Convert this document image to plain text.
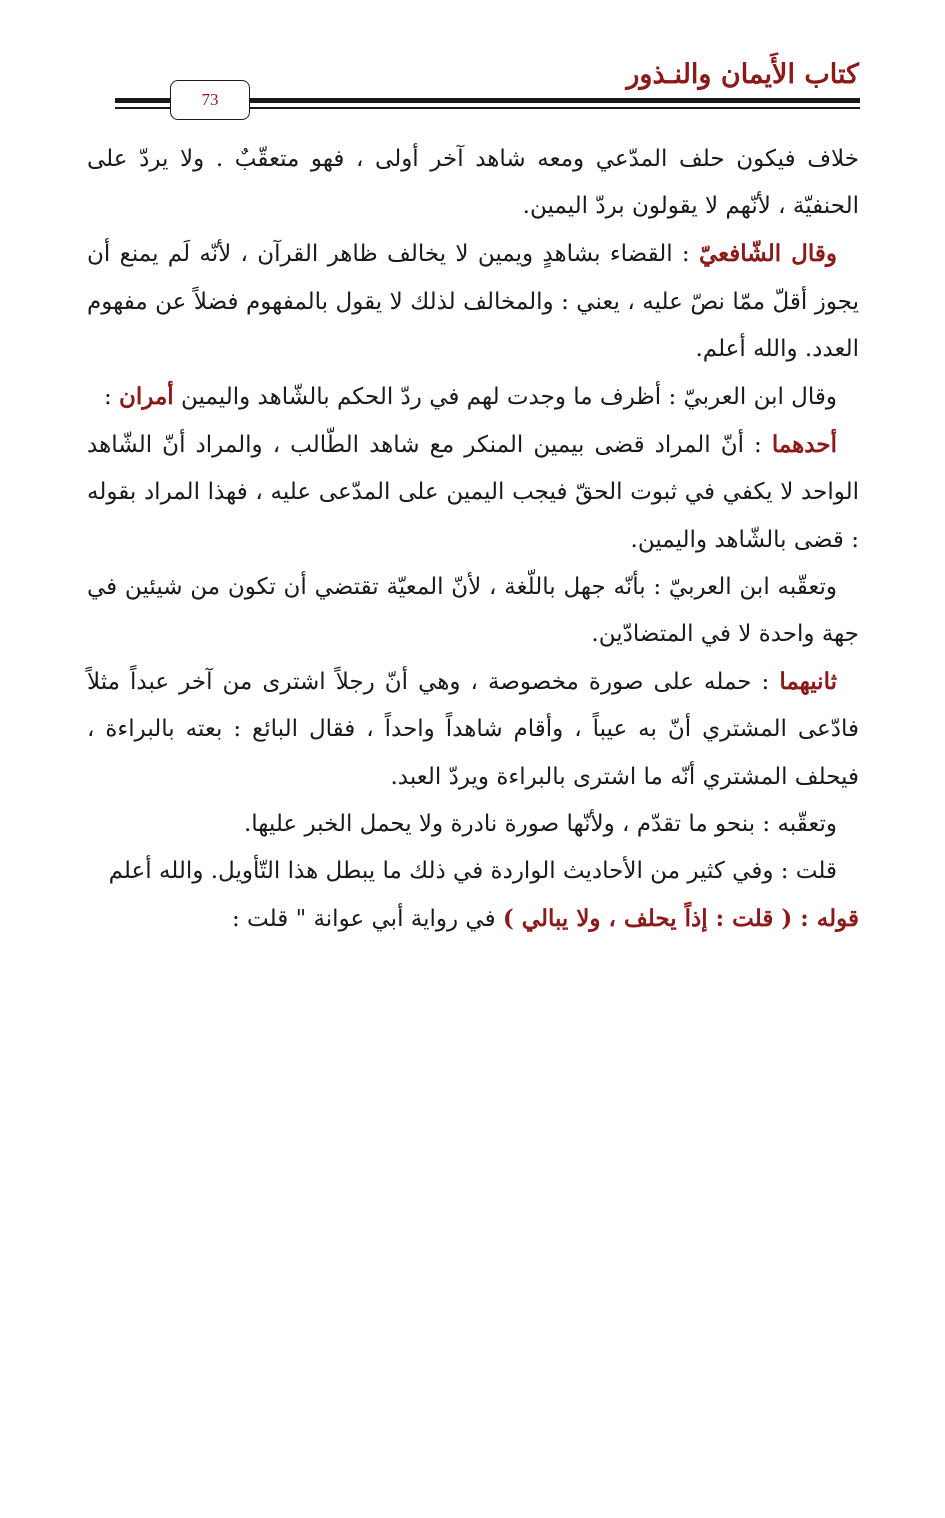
كتاب الأَيمان والنـذور
73

خلاف فيكون حلف المدّعي ومعه شاهد آخر أولى ، فهو متعقّبٌ . ولا يردّ على الحنفيّة ، لأنّهم لا يقولون بردّ اليمين.

وقال الشّافعيّ : القضاء بشاهدٍ ويمين لا يخالف ظاهر القرآن ، لأنّه لَم يمنع أن يجوز أقلّ ممّا نصّ عليه ، يعني : والمخالف لذلك لا يقول بالمفهوم فضلاً عن مفهوم العدد. والله أعلم.

وقال ابن العربيّ : أظرف ما وجدت لهم في ردّ الحكم بالشّاهد واليمين أمران :

أحدهما : أنّ المراد قضى بيمين المنكر مع شاهد الطّالب ، والمراد أنّ الشّاهد الواحد لا يكفي في ثبوت الحقّ فيجب اليمين على المدّعى عليه ، فهذا المراد بقوله : قضى بالشّاهد واليمين.

وتعقّبه ابن العربيّ : بأنّه جهل باللّغة ، لأنّ المعيّة تقتضي أن تكون من شيئين في جهة واحدة لا في المتضادّين.

ثانيهما : حمله على صورة مخصوصة ، وهي أنّ رجلاً اشترى من آخر عبداً مثلاً فادّعى المشتري أنّ به عيباً ، وأقام شاهداً واحداً ، فقال البائع : بعته بالبراءة ، فيحلف المشتري أنّه ما اشترى بالبراءة ويردّ العبد.

وتعقّبه : بنحو ما تقدّم ، ولأنّها صورة نادرة ولا يحمل الخبر عليها.

قلت : وفي كثير من الأحاديث الواردة في ذلك ما يبطل هذا التّأويل. والله أعلم

قوله : ( قلت : إذاً يحلف ، ولا يبالي ) في رواية أبي عوانة " قلت :
